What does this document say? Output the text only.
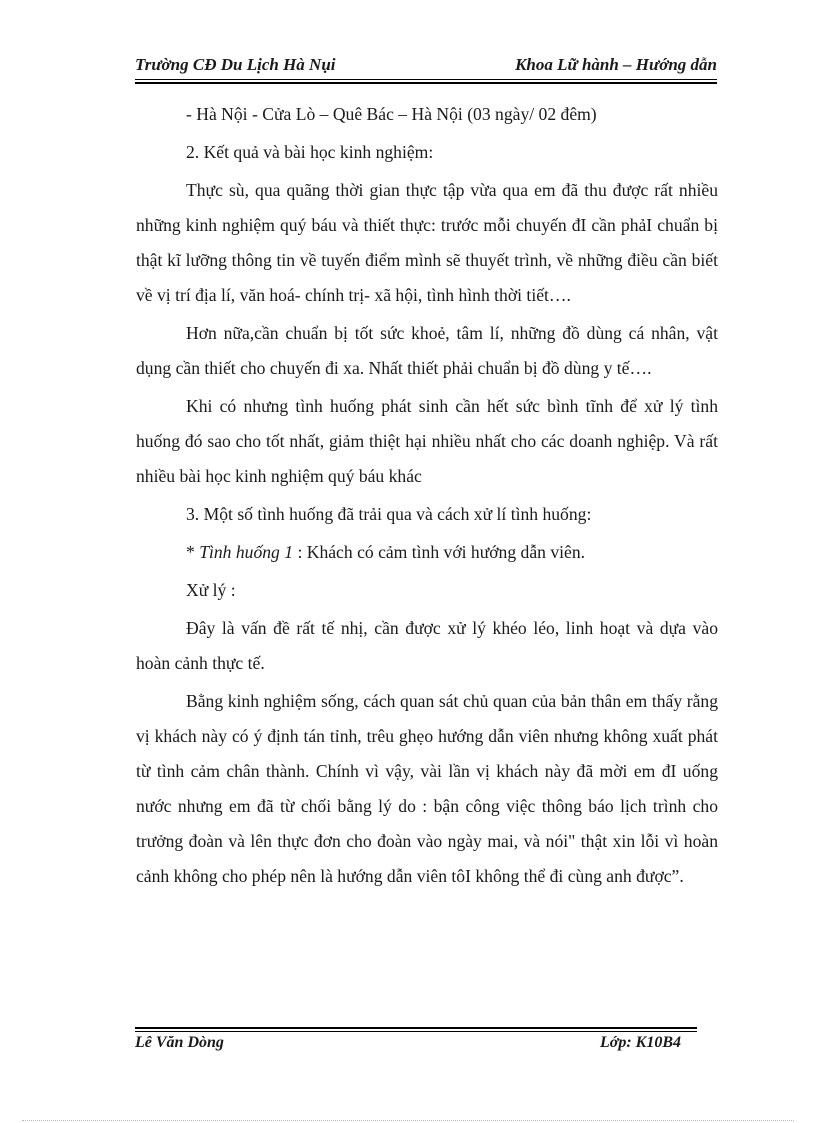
Trường CĐ Du Lịch Hà Nụi	Khoa Lữ hành – Hướng dẫn

- Hà Nội - Cửa Lò – Quê Bác – Hà Nội (03 ngày/ 02 đêm)

2. Kết quả và bài học kinh nghiệm:

Thực sù, qua quãng thời gian thực tập vừa qua em đã thu được rất nhiều những kinh nghiệm quý báu và thiết thực: trước mỗi chuyến đI cần phảI chuẩn bị thật kĩ lưỡng thông tin về tuyến điểm mình sẽ thuyết trình, về những điều cần biết về vị trí địa lí, văn hoá- chính trị- xã hội, tình hình thời tiết….

Hơn nữa,cần chuẩn bị tốt sức khoẻ, tâm lí, những đồ dùng cá nhân, vật dụng cần thiết cho chuyến đi xa. Nhất thiết phải chuẩn bị đồ dùng y tế….

Khi có nhưng tình huống phát sinh cần hết sức bình tĩnh để xử lý tình huống đó sao cho tốt nhất, giảm thiệt hại nhiều nhất cho các doanh nghiệp. Và rất nhiều bài học kinh nghiệm quý báu khác

3. Một số tình huống đã trải qua và cách xử lí tình huống:

* Tình huống 1 : Khách có cảm tình với hướng dẫn viên.

Xử lý :

Đây là vấn đề rất tế nhị, cần được xử lý khéo léo, linh hoạt và dựa vào hoàn cảnh thực tế.

Bằng kinh nghiệm sống, cách quan sát chủ quan của bản thân em thấy rằng vị khách này có ý định tán tỉnh, trêu ghẹo hướng dẫn viên nhưng không xuất phát từ tình cảm chân thành. Chính vì vậy, vài lần vị khách này đã mời em đI uống nước nhưng em đã từ chối bằng lý do : bận công việc thông báo lịch trình cho trưởng đoàn và lên thực đơn cho đoàn vào ngày mai, và nói" thật xin lỗi vì hoàn cảnh không cho phép nên là hướng dẫn viên tôI không thể đi cùng anh được”.

Lê Văn Dòng	Lớp: K10B4
